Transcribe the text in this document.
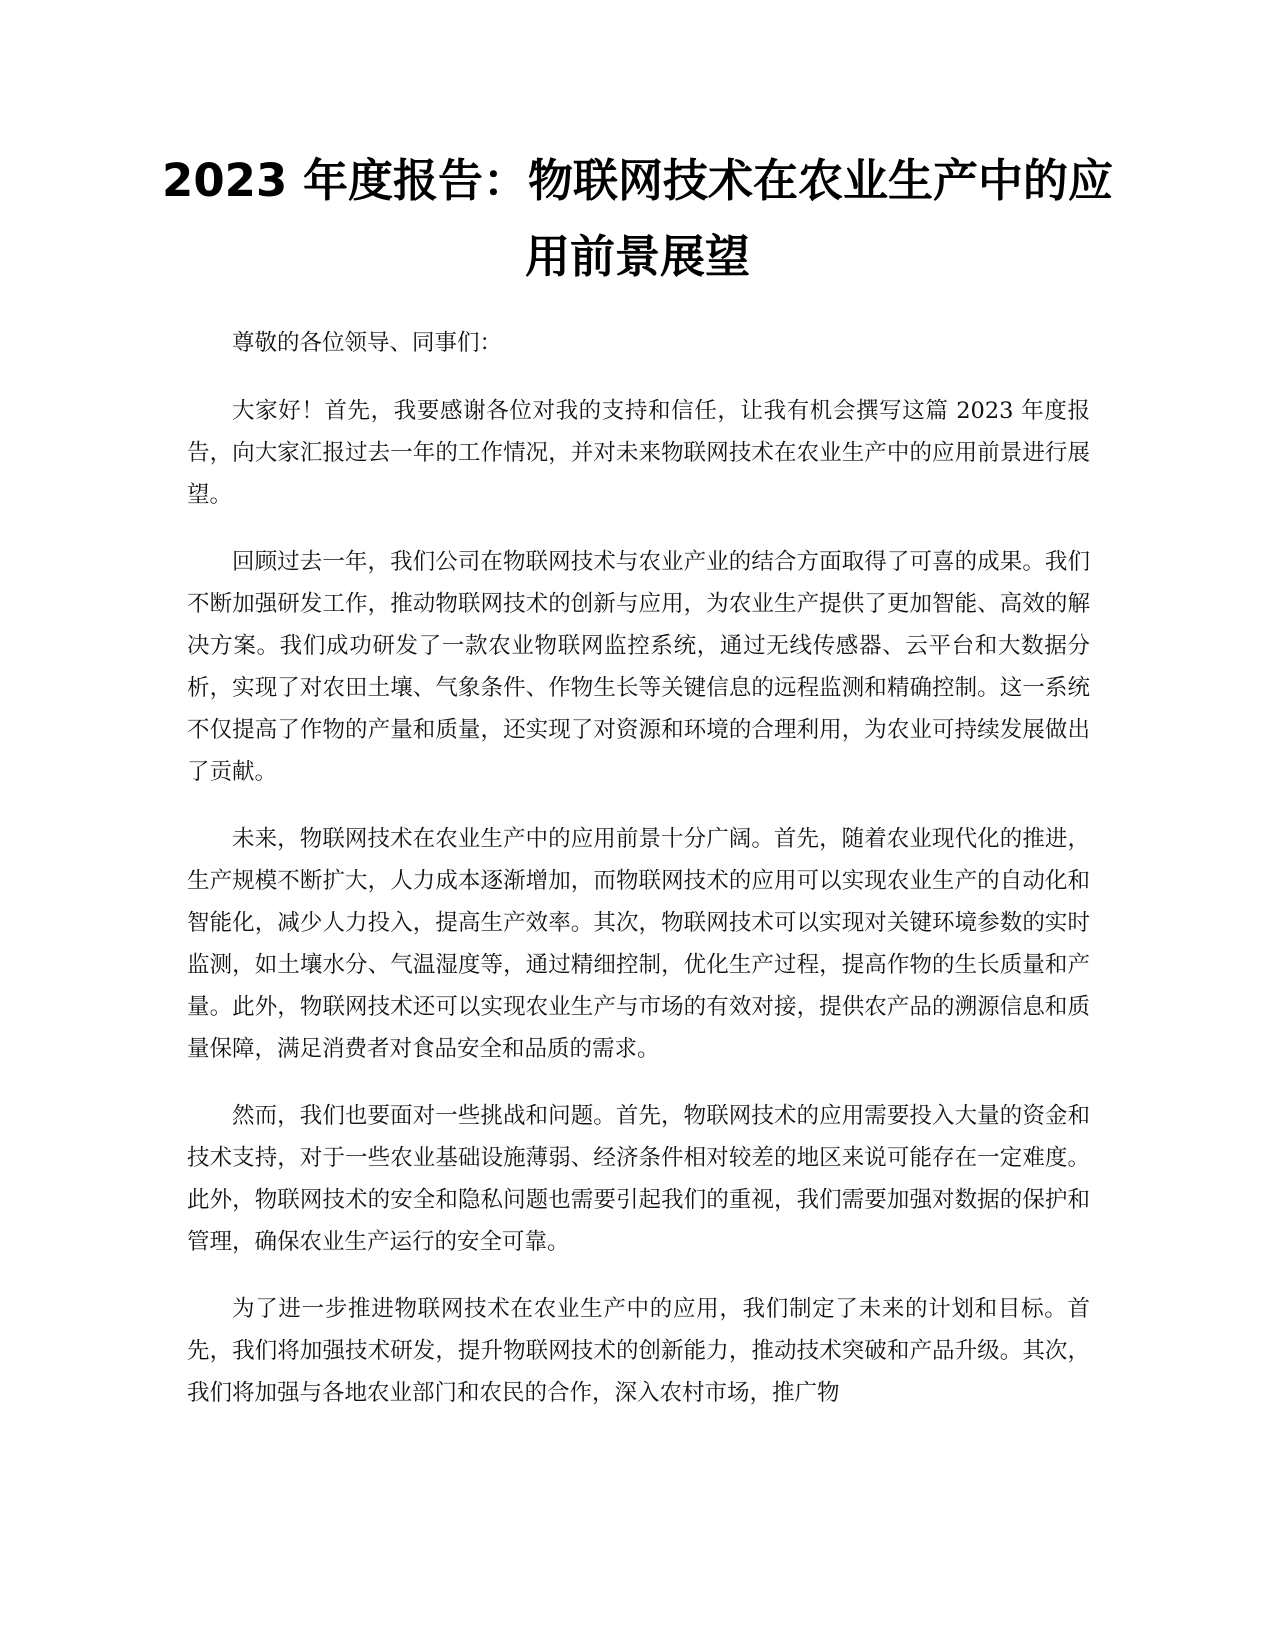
2023 年度报告：物联网技术在农业生产中的应用前景展望

尊敬的各位领导、同事们：

大家好！首先，我要感谢各位对我的支持和信任，让我有机会撰写这篇 2023 年度报告，向大家汇报过去一年的工作情况，并对未来物联网技术在农业生产中的应用前景进行展望。

回顾过去一年，我们公司在物联网技术与农业产业的结合方面取得了可喜的成果。我们不断加强研发工作，推动物联网技术的创新与应用，为农业生产提供了更加智能、高效的解决方案。我们成功研发了一款农业物联网监控系统，通过无线传感器、云平台和大数据分析，实现了对农田土壤、气象条件、作物生长等关键信息的远程监测和精确控制。这一系统不仅提高了作物的产量和质量，还实现了对资源和环境的合理利用，为农业可持续发展做出了贡献。

未来，物联网技术在农业生产中的应用前景十分广阔。首先，随着农业现代化的推进，生产规模不断扩大，人力成本逐渐增加，而物联网技术的应用可以实现农业生产的自动化和智能化，减少人力投入，提高生产效率。其次，物联网技术可以实现对关键环境参数的实时监测，如土壤水分、气温湿度等，通过精细控制，优化生产过程，提高作物的生长质量和产量。此外，物联网技术还可以实现农业生产与市场的有效对接，提供农产品的溯源信息和质量保障，满足消费者对食品安全和品质的需求。

然而，我们也要面对一些挑战和问题。首先，物联网技术的应用需要投入大量的资金和技术支持，对于一些农业基础设施薄弱、经济条件相对较差的地区来说可能存在一定难度。此外，物联网技术的安全和隐私问题也需要引起我们的重视，我们需要加强对数据的保护和管理，确保农业生产运行的安全可靠。

为了进一步推进物联网技术在农业生产中的应用，我们制定了未来的计划和目标。首先，我们将加强技术研发，提升物联网技术的创新能力，推动技术突破和产品升级。其次，我们将加强与各地农业部门和农民的合作，深入农村市场，推广物
